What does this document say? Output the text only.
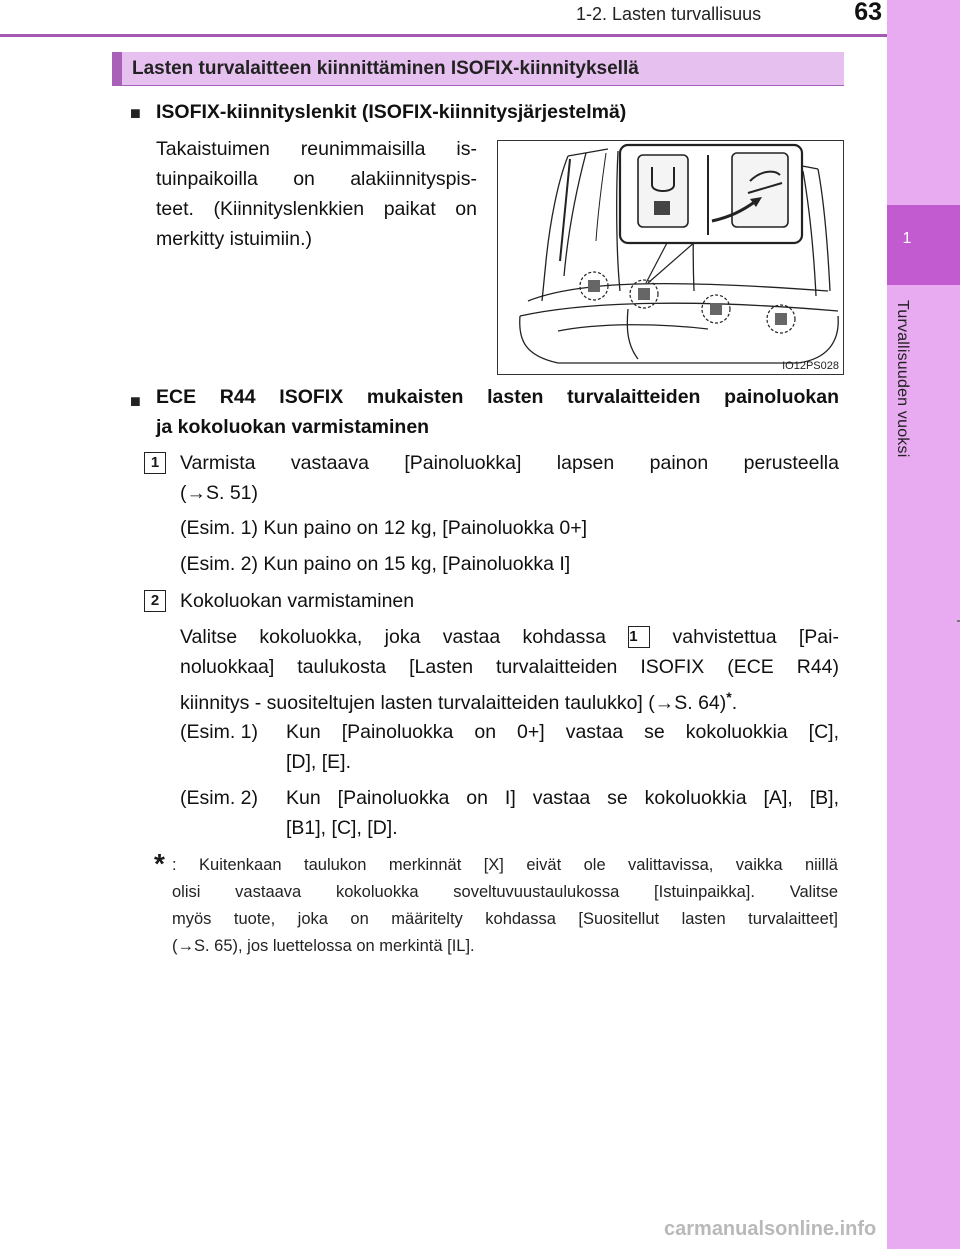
1
Turvallisuuden vuoksi
1-2. Lasten turvallisuus	63
Lasten turvalaitteen kiinnittäminen ISOFIX-kiinnityksellä
■ ISOFIX-kiinnityslenkit (ISOFIX-kiinnitysjärjestelmä)
Takaistuimen reunimmaisilla is-
tuinpaikoilla on alakiinnityspis-
teet. (Kiinnityslenkkien paikat on
merkitty istuimiin.)
IO12PS028
■ ECE R44 ISOFIX mukaisten lasten turvalaitteiden painoluokan
ja kokoluokan varmistaminen
1	Varmista vastaava [Painoluokka] lapsen painon perusteella
(→S. 51)
(Esim. 1) Kun paino on 12 kg, [Painoluokka 0+]
(Esim. 2) Kun paino on 15 kg, [Painoluokka I]
2	Kokoluokan varmistaminen
Valitse kokoluokka, joka vastaa kohdassa 1 vahvistettua [Pai-
noluokkaa] taulukosta [Lasten turvalaitteiden ISOFIX (ECE R44)
kiinnitys - suositeltujen lasten turvalaitteiden taulukko] (→S. 64)*.
(Esim. 1)	Kun [Painoluokka on 0+] vastaa se kokoluokkia [C],
[D], [E].
(Esim. 2)	Kun [Painoluokka on I] vastaa se kokoluokkia [A], [B],
[B1], [C], [D].
* : Kuitenkaan taulukon merkinnät [X] eivät ole valittavissa, vaikka niillä
olisi vastaava kokoluokka soveltuvuustaulukossa [Istuinpaikka]. Valitse
myös tuote, joka on määritelty kohdassa [Suositellut lasten turvalaitteet]
(→S. 65), jos luettelossa on merkintä [IL].
carmanualsonline.info
